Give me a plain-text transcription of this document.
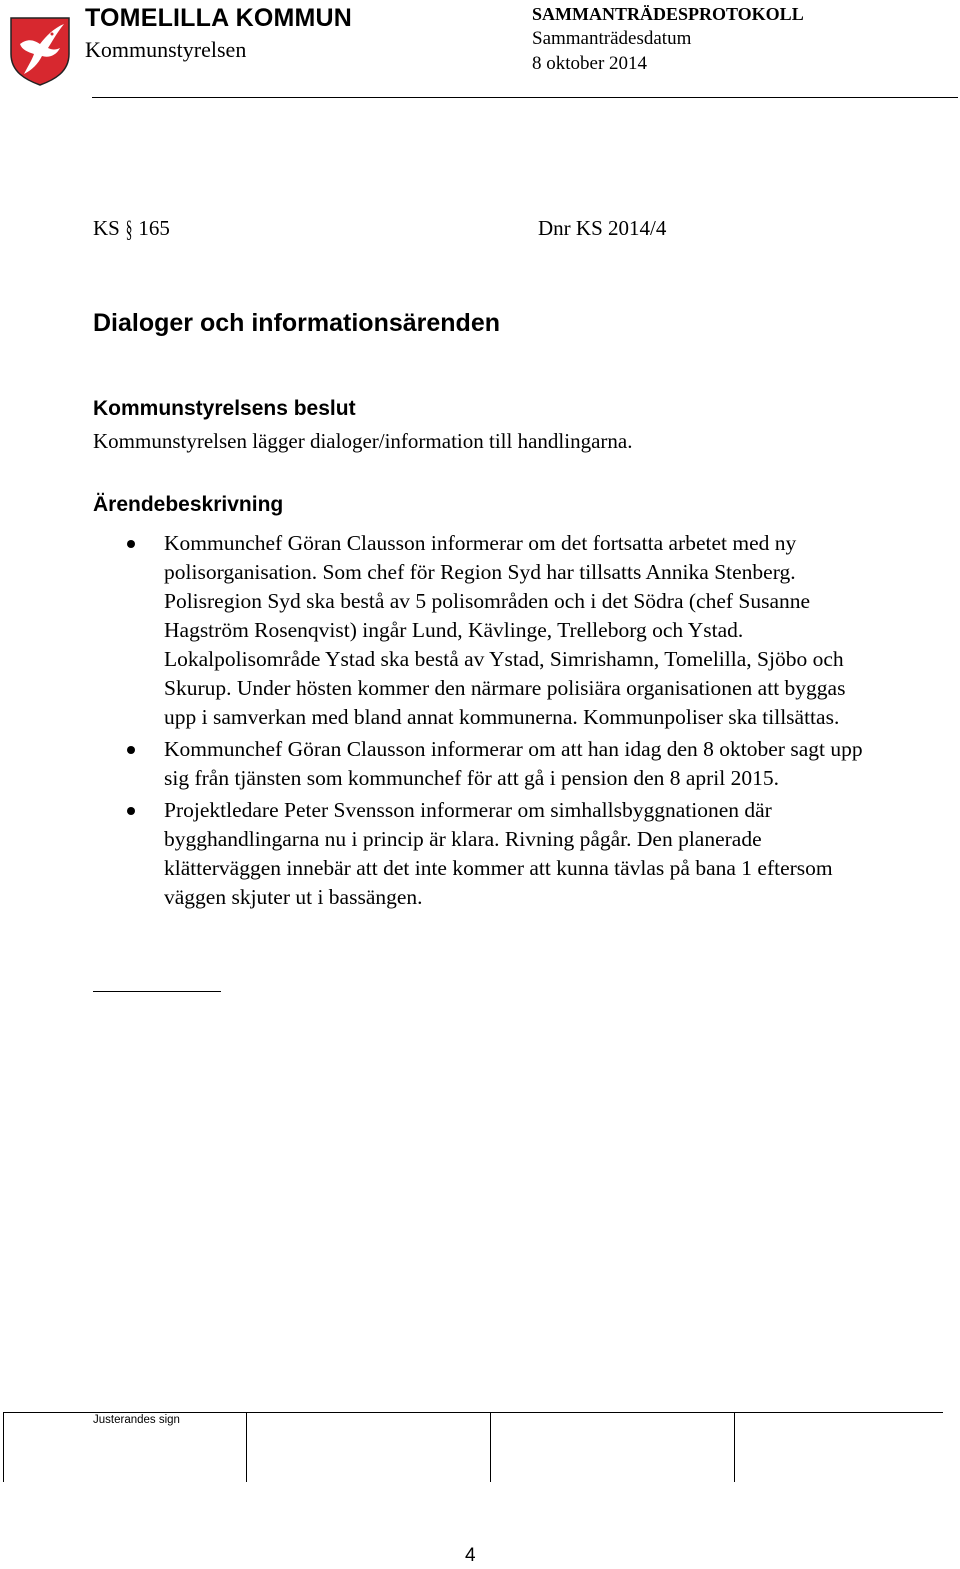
TOMELILLA KOMMUN
Kommunstyrelsen
SAMMANTRÄDESPROTOKOLL
Sammanträdesdatum
8 oktober 2014
KS § 165	Dnr KS 2014/4
Dialoger och informationsärenden
Kommunstyrelsens beslut
Kommunstyrelsen lägger dialoger/information till handlingarna.
Ärendebeskrivning
Kommunchef Göran Clausson informerar om det fortsatta arbetet med ny polisorganisation. Som chef för Region Syd har tillsatts Annika Stenberg. Polisregion Syd ska bestå av 5 polisområden och i det Södra (chef Susanne Hagström Rosenqvist) ingår Lund, Kävlinge, Trelleborg och Ystad. Lokalpolisområde Ystad ska bestå av Ystad, Simrishamn, Tomelilla, Sjöbo och Skurup. Under hösten kommer den närmare polisiära organisationen att byggas upp i samverkan med bland annat kommunerna. Kommunpoliser ska tillsättas.
Kommunchef Göran Clausson informerar om att han idag den 8 oktober sagt upp sig från tjänsten som kommunchef för att gå i pension den 8 april 2015.
Projektledare Peter Svensson informerar om simhallsbyggnationen där bygghandlingarna nu i princip är klara. Rivning pågår. Den planerade klätterväggen innebär att det inte kommer att kunna tävlas på bana 1 eftersom väggen skjuter ut i bassängen.
Justerandes sign
4
